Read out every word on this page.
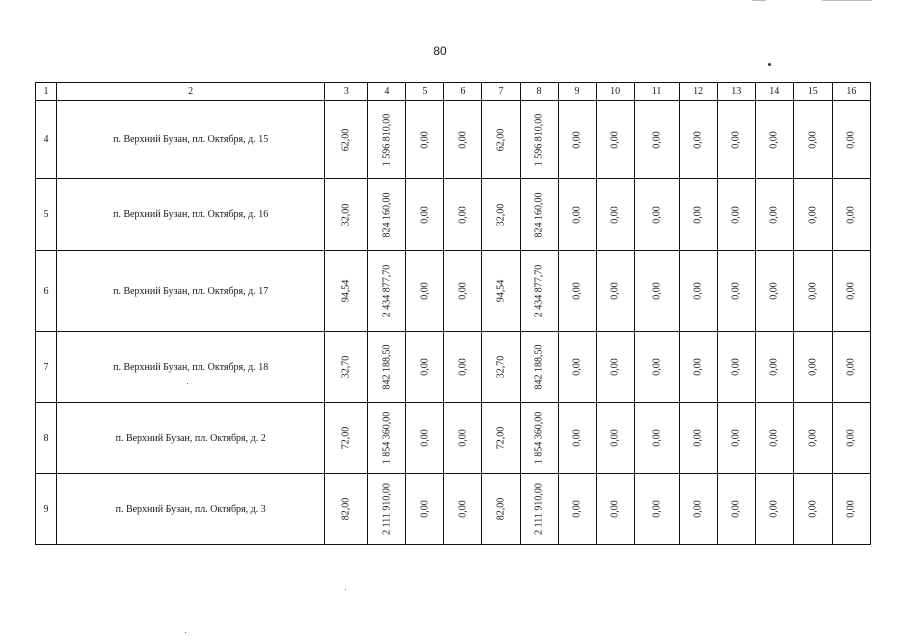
80
1	2	3	4	5	6	7	8	9	10	11	12	13	14	15	16
4	п. Верхний Бузан, пл. Октября, д. 15	62,00	1 596 810,00	0,00	0,00	62,00	1 596 810,00	0,00	0,00	0,00	0,00	0,00	0,00	0,00	0,00

5	п. Верхний Бузан, пл. Октября, д. 16	32,00	824 160,00	0,00	0,00	32,00	824 160,00	0,00	0,00	0,00	0,00	0,00	0,00	0,00	0,00

6	п. Верхний Бузан, пл. Октября, д. 17	94,54	2 434 877,70	0,00	0,00	94,54	2 434 877,70	0,00	0,00	0,00	0,00	0,00	0,00	0,00	0,00

7	п. Верхний Бузан, пл. Октября, д. 18	32,70	842 188,50	0,00	0,00	32,70	842 188,50	0,00	0,00	0,00	0,00	0,00	0,00	0,00	0,00

8	п. Верхний Бузан, пл. Октября, д. 2	72,00	1 854 360,00	0,00	0,00	72,00	1 854 360,00	0,00	0,00	0,00	0,00	0,00	0,00	0,00	0,00

9	п. Верхний Бузан, пл. Октября, д. 3	82,00	2 111 910,00	0,00	0,00	82,00	2 111 910,00	0,00	0,00	0,00	0,00	0,00	0,00	0,00	0,00
